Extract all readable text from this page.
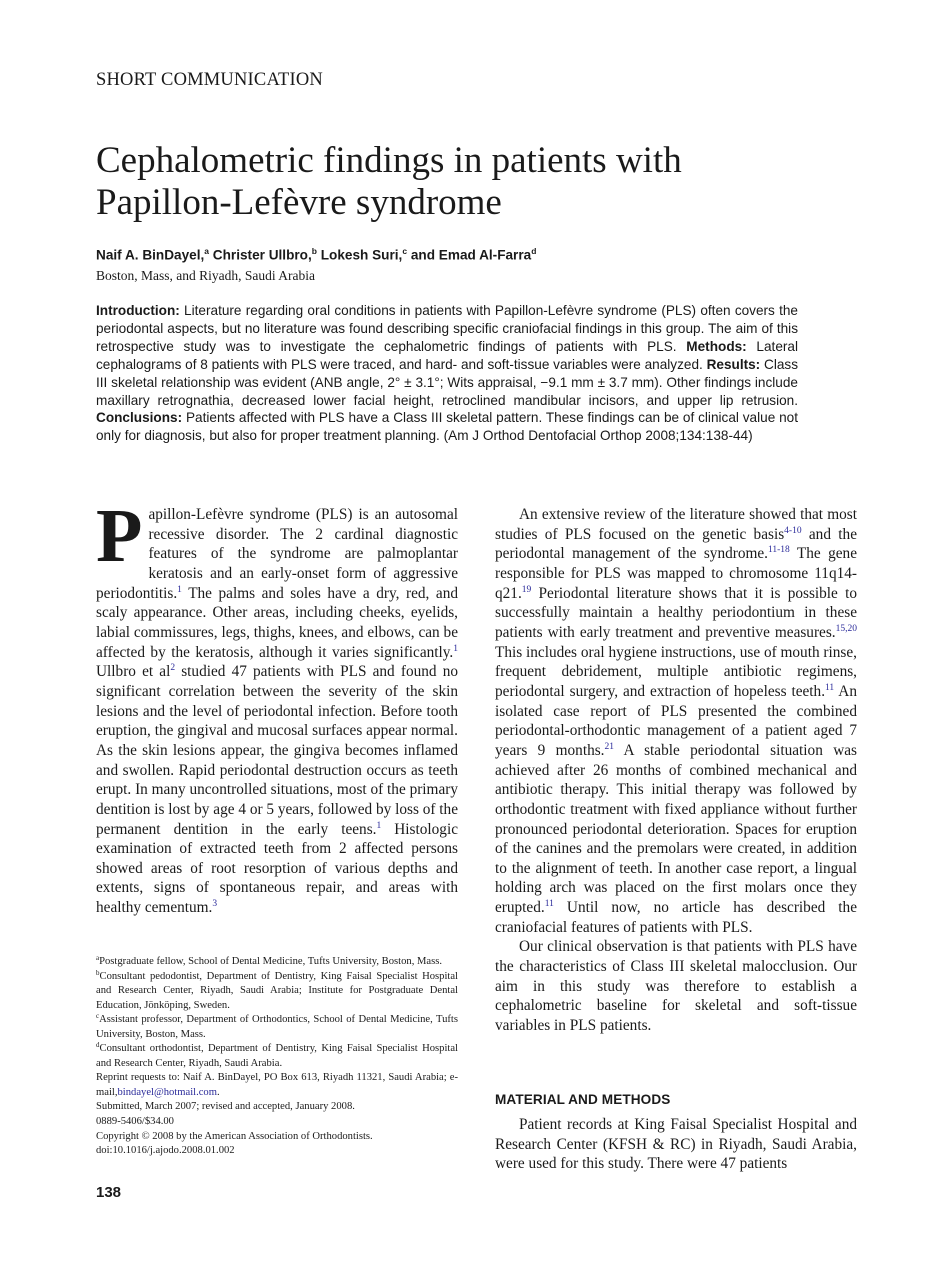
SHORT COMMUNICATION
Cephalometric findings in patients with
Papillon-Lefèvre syndrome
Naif A. BinDayel,$^a$ Christer Ullbro,$^b$ Lokesh Suri,$^c$ and Emad Al-Farra$^d$
Boston, Mass, and Riyadh, Saudi Arabia
Introduction: Literature regarding oral conditions in patients with Papillon-Lefèvre syndrome (PLS) often covers the periodontal aspects, but no literature was found describing specific craniofacial findings in this group. The aim of this retrospective study was to investigate the cephalometric findings of patients with PLS. Methods: Lateral cephalograms of 8 patients with PLS were traced, and hard- and soft-tissue variables were analyzed. Results: Class III skeletal relationship was evident (ANB angle, 2° ± 3.1°; Wits appraisal, −9.1 mm ± 3.7 mm). Other findings include maxillary retrognathia, decreased lower facial height, retroclined mandibular incisors, and upper lip retrusion. Conclusions: Patients affected with PLS have a Class III skeletal pattern. These findings can be of clinical value not only for diagnosis, but also for proper treatment planning. (Am J Orthod Dentofacial Orthop 2008;134:138-44)

Papillon-Lefèvre syndrome (PLS) is an autosomal recessive disorder. The 2 cardinal diagnostic features of the syndrome are palmoplantar keratosis and an early-onset form of aggressive periodontitis.$^1$ The palms and soles have a dry, red, and scaly appearance. Other areas, including cheeks, eyelids, labial commissures, legs, thighs, knees, and elbows, can be affected by the keratosis, although it varies significantly.$^1$ Ullbro et al$^2$ studied 47 patients with PLS and found no significant correlation between the severity of the skin lesions and the level of periodontal infection. Before tooth eruption, the gingival and mucosal surfaces appear normal. As the skin lesions appear, the gingiva becomes inflamed and swollen. Rapid periodontal destruction occurs as teeth erupt. In many uncontrolled situations, most of the primary dentition is lost by age 4 or 5 years, followed by loss of the permanent dentition in the early teens.$^1$ Histologic examination of extracted teeth from 2 affected persons showed areas of root resorption of various depths and extents, signs of spontaneous repair, and areas with healthy cementum.$^3$

$^a$Postgraduate fellow, School of Dental Medicine, Tufts University, Boston, Mass.

$^b$Consultant pedodontist, Department of Dentistry, King Faisal Specialist Hospital and Research Center, Riyadh, Saudi Arabia; Institute for Postgraduate Dental Education, Jönköping, Sweden.

$^c$Assistant professor, Department of Orthodontics, School of Dental Medicine, Tufts University, Boston, Mass.

$^d$Consultant orthodontist, Department of Dentistry, King Faisal Specialist Hospital and Research Center, Riyadh, Saudi Arabia.

Reprint requests to: Naif A. BinDayel, PO Box 613, Riyadh 11321, Saudi Arabia; e-mail,bindayel@hotmail.com.

Submitted, March 2007; revised and accepted, January 2008.

0889-5406/$34.00

Copyright © 2008 by the American Association of Orthodontists.

doi:10.1016/j.ajodo.2008.01.002

138

An extensive review of the literature showed that most studies of PLS focused on the genetic basis$^{4-10}$ and the periodontal management of the syndrome.$^{11-18}$ The gene responsible for PLS was mapped to chromosome 11q14-q21.19 Periodontal literature shows that it is possible to successfully maintain a healthy periodontium in these patients with early treatment and preventive measures.$^{15,20}$ This includes oral hygiene instructions, use of mouth rinse, frequent debridement, multiple antibiotic regimens, periodontal surgery, and extraction of hopeless teeth.$^{11}$ An isolated case report of PLS presented the combined periodontal-orthodontic management of a patient aged 7 years 9 months.$^{21}$ A stable periodontal situation was achieved after 26 months of combined mechanical and antibiotic therapy. This initial therapy was followed by orthodontic treatment with fixed appliance without further pronounced periodontal deterioration. Spaces for eruption of the canines and the premolars were created, in addition to the alignment of teeth. In another case report, a lingual holding arch was placed on the first molars once they erupted.$^{11}$ Until now, no article has described the craniofacial features of patients with PLS.

Our clinical observation is that patients with PLS have the characteristics of Class III skeletal malocclusion. Our aim in this study was therefore to establish a cephalometric baseline for skeletal and soft-tissue variables in PLS patients.

MATERIAL AND METHODS

Patient records at King Faisal Specialist Hospital and Research Center (KFSH & RC) in Riyadh, Saudi Arabia, were used for this study. There were 47 patients
